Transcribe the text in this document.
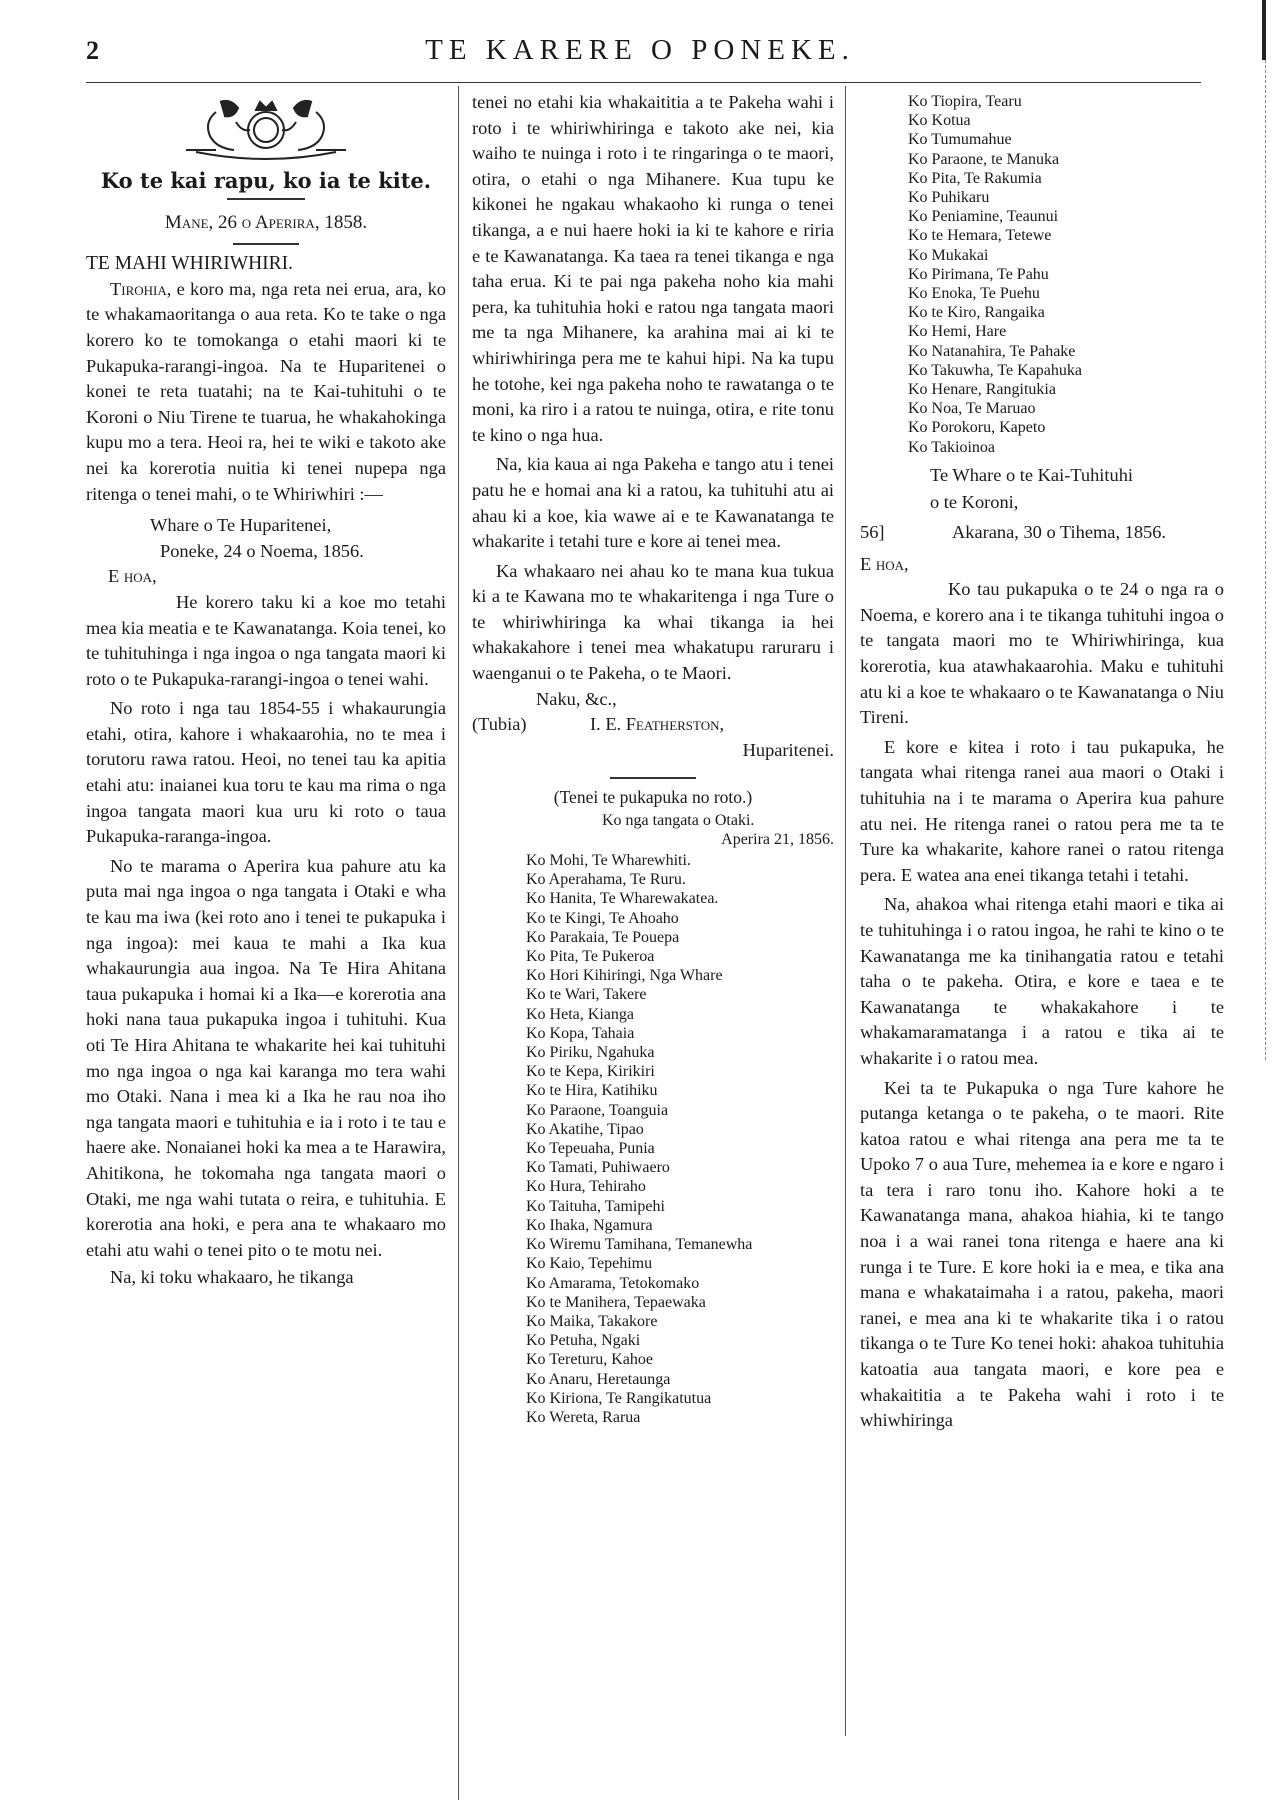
2	TE KARERE O PONEKE.
Ko te kai rapu, ko ia te kite.

Mane, 26 o Aperira, 1858.

TE MAHI WHIRIWHIRI.

Tirohia, e koro ma, nga reta nei erua, ara, ko te whakamaoritanga o aua reta. Ko te take o nga korero ko te tomokanga o etahi maori ki te Pukapuka-rarangi-ingoa. Na te Huparitenei o konei te reta tuatahi; na te Kai-tuhituhi o te Koroni o Niu Tirene te tuarua, he whakahokinga kupu mo a tera. Heoi ra, hei te wiki e takoto ake nei ka korerotia nuitia ki tenei nupepa nga ritenga o tenei mahi, o te Whiriwhiri :—

Whare o Te Huparitenei,

Poneke, 24 o Noema, 1856.

E hoa,

He korero taku ki a koe mo tetahi mea kia meatia e te Kawanatanga. Koia tenei, ko te tuhituhinga i nga ingoa o nga tangata maori ki roto o te Pukapuka-rarangi-ingoa o tenei wahi.

No roto i nga tau 1854-55 i whakaurungia etahi, otira, kahore i whakaarohia, no te mea i torutoru rawa ratou. Heoi, no tenei tau ka apitia etahi atu: inaianei kua toru te kau ma rima o nga ingoa tangata maori kua uru ki roto o taua Pukapuka-raranga-ingoa.

No te marama o Aperira kua pahure atu ka puta mai nga ingoa o nga tangata i Otaki e wha te kau ma iwa (kei roto ano i tenei te pukapuka i nga ingoa): mei kaua te mahi a Ika kua whakaurungia aua ingoa. Na Te Hira Ahitana taua pukapuka i homai ki a Ika—e korerotia ana hoki nana taua pukapuka ingoa i tuhituhi. Kua oti Te Hira Ahitana te whakarite hei kai tuhituhi mo nga ingoa o nga kai karanga mo tera wahi mo Otaki. Nana i mea ki a Ika he rau noa iho nga tangata maori e tuhituhia e ia i roto i te tau e haere ake. Nonaianei hoki ka mea a te Harawira, Ahitikona, he tokomaha nga tangata maori o Otaki, me nga wahi tutata o reira, e tuhituhia. E korerotia ana hoki, e pera ana te whakaaro mo etahi atu wahi o tenei pito o te motu nei.

Na, ki toku whakaaro, he tikanga

tenei no etahi kia whakaititia a te Pakeha wahi i roto i te whiriwhiringa e takoto ake nei, kia waiho te nuinga i roto i te ringaringa o te maori, otira, o etahi o nga Mihanere. Kua tupu ke kikonei he ngakau whakaoho ki runga o tenei tikanga, a e nui haere hoki ia ki te kahore e riria e te Kawanatanga. Ka taea ra tenei tikanga e nga taha erua. Ki te pai nga pakeha noho kia mahi pera, ka tuhituhia hoki e ratou nga tangata maori me ta nga Mihanere, ka arahina mai ai ki te whiriwhiringa pera me te kahui hipi. Na ka tupu he totohe, kei nga pakeha noho te rawatanga o te moni, ka riro i a ratou te nuinga, otira, e rite tonu te kino o nga hua.

Na, kia kaua ai nga Pakeha e tango atu i tenei patu he e homai ana ki a ratou, ka tuhituhi atu ai ahau ki a koe, kia wawe ai e te Kawanatanga te whakarite i tetahi ture e kore ai tenei mea.

Ka whakaaro nei ahau ko te mana kua tukua ki a te Kawana mo te whakaritenga i nga Ture o te whiriwhiringa ka whai tikanga ia hei whakakahore i tenei mea whakatupu raruraru i waenganui o te Pakeha, o te Maori.

Naku, &c.,

(Tubia)	I. E. Featherston,

Huparitenei.

(Tenei te pukapuka no roto.)

Ko nga tangata o Otaki.

Aperira 21, 1856.

Ko Mohi, Te Wharewhiti.
Ko Aperahama, Te Ruru.
Ko Hanita, Te Wharewakatea.
Ko te Kingi, Te Ahoaho
Ko Parakaia, Te Pouepa
Ko Pita, Te Pukeroa
Ko Hori Kihiringi, Nga Whare
Ko te Wari, Takere
Ko Heta, Kianga
Ko Kopa, Tahaia
Ko Piriku, Ngahuka
Ko te Kepa, Kirikiri
Ko te Hira, Katihiku
Ko Paraone, Toanguia
Ko Akatihe, Tipao
Ko Tepeuaha, Punia
Ko Tamati, Puhiwaero
Ko Hura, Tehiraho
Ko Taituha, Tamipehi
Ko Ihaka, Ngamura
Ko Wiremu Tamihana, Temanewha
Ko Kaio, Tepehimu
Ko Amarama, Tetokomako
Ko te Manihera, Tepaewaka
Ko Maika, Takakore
Ko Petuha, Ngaki
Ko Tereturu, Kahoe
Ko Anaru, Heretaunga
Ko Kiriona, Te Rangikatutua
Ko Wereta, Rarua
Ko Tiopira, Tearu
Ko Kotua
Ko Tumumahue
Ko Paraone, te Manuka
Ko Pita, Te Rakumia
Ko Puhikaru
Ko Peniamine, Teaunui
Ko te Hemara, Tetewe
Ko Mukakai
Ko Pirimana, Te Pahu
Ko Enoka, Te Puehu
Ko te Kiro, Rangaika
Ko Hemi, Hare
Ko Natanahira, Te Pahake
Ko Takuwha, Te Kapahuka
Ko Henare, Rangitukia
Ko Noa, Te Maruao
Ko Porokoru, Kapeto
Ko Takioinoa

Te Whare o te Kai-Tuhituhi

o te Koroni,

56]	Akarana, 30 o Tihema, 1856.

E hoa,

Ko tau pukapuka o te 24 o nga ra o Noema, e korero ana i te tikanga tuhituhi ingoa o te tangata maori mo te Whiriwhiringa, kua korerotia, kua atawhakaarohia. Maku e tuhituhi atu ki a koe te whakaaro o te Kawanatanga o Niu Tireni.

E kore e kitea i roto i tau pukapuka, he tangata whai ritenga ranei aua maori o Otaki i tuhituhia na i te marama o Aperira kua pahure atu nei. He ritenga ranei o ratou pera me ta te Ture ka whakarite, kahore ranei o ratou ritenga pera. E watea ana enei tikanga tetahi i tetahi.

Na, ahakoa whai ritenga etahi maori e tika ai te tuhituhinga i o ratou ingoa, he rahi te kino o te Kawanatanga me ka tinihangatia ratou e tetahi taha o te pakeha. Otira, e kore e taea e te Kawanatanga te whakakahore i te whakamaramatanga i a ratou e tika ai te whakarite i o ratou mea.

Kei ta te Pukapuka o nga Ture kahore he putanga ketanga o te pakeha, o te maori. Rite katoa ratou e whai ritenga ana pera me ta te Upoko 7 o aua Ture, mehemea ia e kore e ngaro i ta tera i raro tonu iho. Kahore hoki a te Kawanatanga mana, ahakoa hiahia, ki te tango noa i a wai ranei tona ritenga e haere ana ki runga i te Ture. E kore hoki ia e mea, e tika ana mana e whakataimaha i a ratou, pakeha, maori ranei, e mea ana ki te whakarite tika i o ratou tikanga o te Ture Ko tenei hoki: ahakoa tuhituhia katoatia aua tangata maori, e kore pea e whakaititia a te Pakeha wahi i roto i te whiwhiringa
